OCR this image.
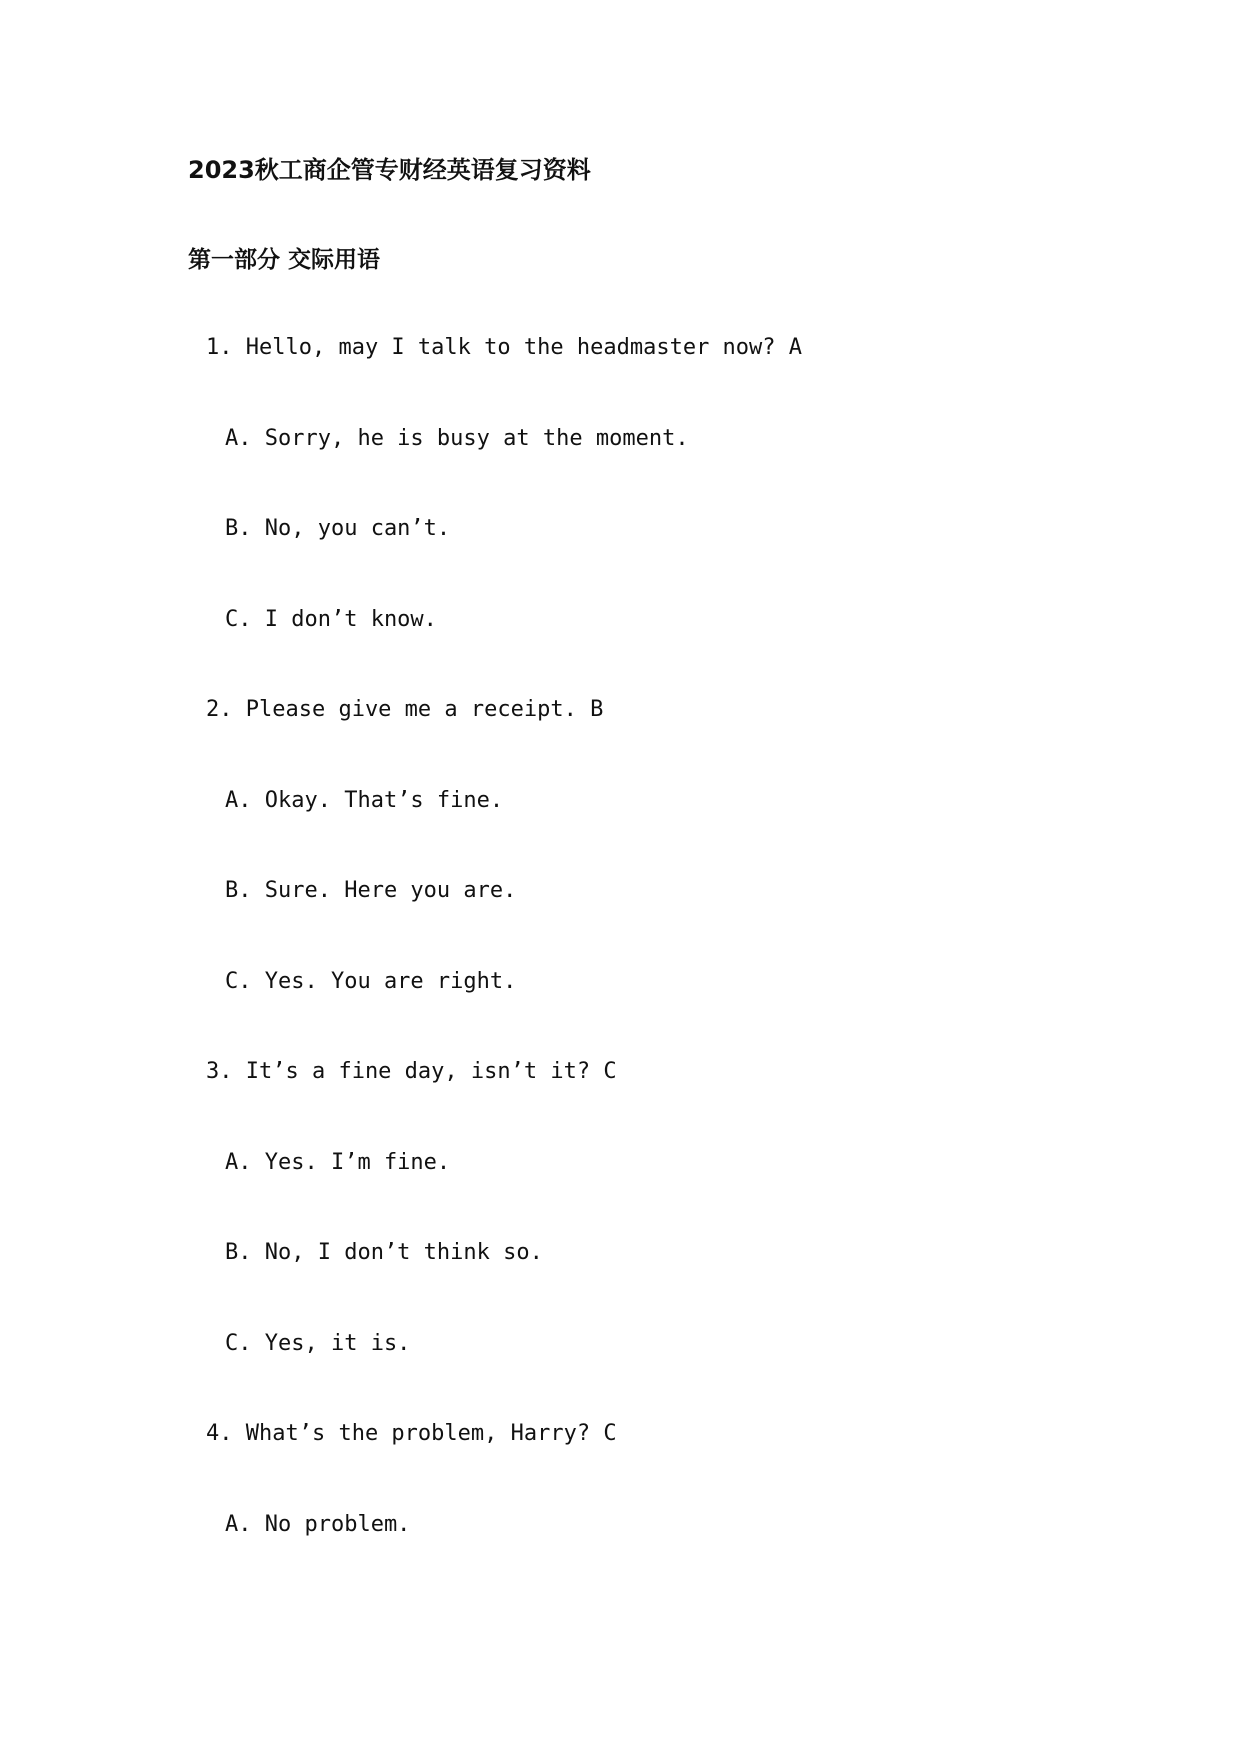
2023秋工商企管专财经英语复习资料
第一部分 交际用语
1. Hello, may I talk to the headmaster now? A
A. Sorry, he is busy at the moment.
B. No, you can’t.
C. I don’t know.
2. Please give me a receipt. B
A. Okay. That’s fine.
B. Sure. Here you are.
C. Yes. You are right.
3. It’s a fine day, isn’t it? C
A. Yes. I’m fine.
B. No, I don’t think so.
C. Yes, it is.
4. What’s the problem, Harry? C
A. No problem.
